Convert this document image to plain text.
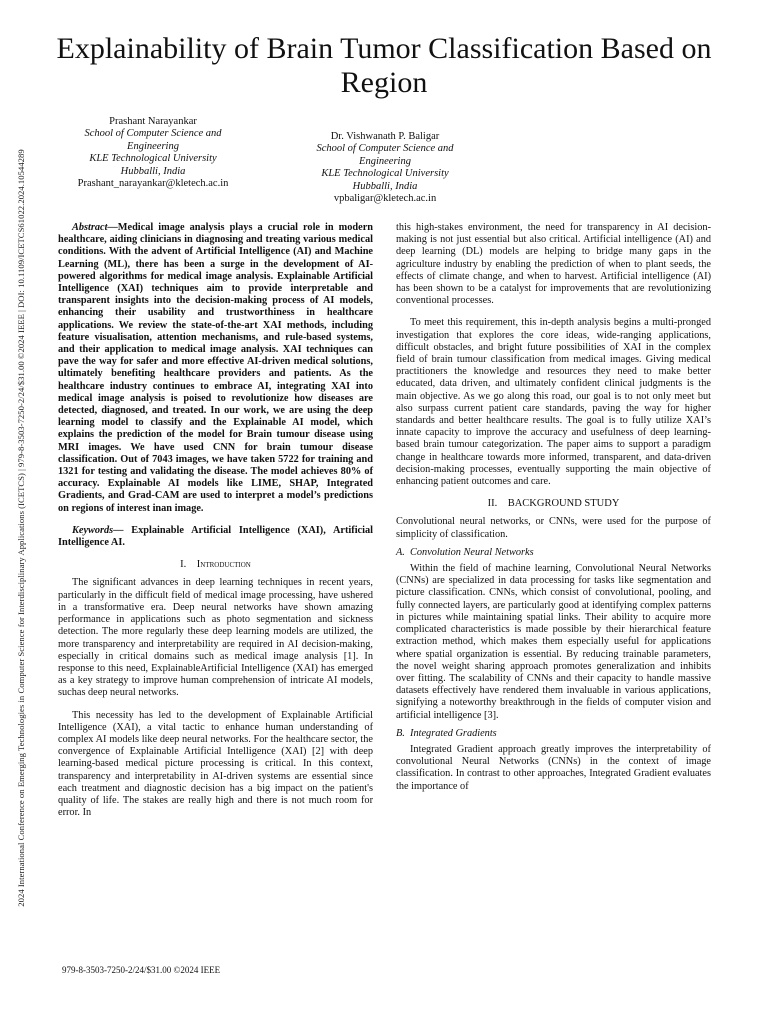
2024 International Conference on Emerging Technologies in Computer Science for Interdisciplinary Applications (ICETCS) | 979-8-3503-7250-2/24/$31.00 ©2024 IEEE | DOI: 10.1109/ICETCS61022.2024.10544289
Explainability of Brain Tumor Classification Based on Region
Prashant Narayankar
School of Computer Science and Engineering
KLE Technological University
Hubballi, India
Prashant_narayankar@kletech.ac.in
Dr. Vishwanath P. Baligar
School of Computer Science and Engineering
KLE Technological University
Hubballi, India
vpbaligar@kletech.ac.in

Abstract—Medical image analysis plays a crucial role in modern healthcare, aiding clinicians in diagnosing and treating various medical conditions. With the advent of Artificial Intelligence (AI) and Machine Learning (ML), there has been a surge in the development of AI-powered algorithms for medical image analysis. Explainable Artificial Intelligence (XAI) techniques aim to provide interpretable and transparent insights into the decision-making process of AI models, enhancing their usability and trustworthiness in healthcare applications. We review the state-of-the-art XAI methods, including feature visualisation, attention mechanisms, and rule-based systems, and their application to medical image analysis. XAI techniques can pave the way for safer and more effective AI-driven medical solutions, ultimately benefiting healthcare providers and patients. As the healthcare industry continues to embrace AI, integrating XAI into medical image analysis is poised to revolutionize how diseases are detected, diagnosed, and treated. In our work, we are using the deep learning model to classify and the Explainable AI model, which explains the prediction of the model for Brain tumour disease using MRI images. We have used CNN for brain tumour disease classification. Out of 7043 images, we have taken 5722 for training and 1321 for testing and validating the disease. The model achieves 80% of accuracy. Explainable AI models like LIME, SHAP, Integrated Gradients, and Grad-CAM are used to interpret a model’s predictions on regions of interest inan image.

Keywords— Explainable Artificial Intelligence (XAI), Artificial Intelligence AI.

I. Introduction

The significant advances in deep learning techniques in recent years, particularly in the difficult field of medical image processing, have ushered in a transformative era. Deep neural networks have shown amazing performance in applications such as photo segmentation and sickness detection. The more regularly these deep learning models are utilized, the more transparency and interpretability are required in AI decision-making, especially in critical domains such as medical image analysis [1]. In response to this need, ExplainableArtificial Intelligence (XAI) has emerged as a key strategy to improve human comprehension of intricate AI models, suchas deep neural networks.

This necessity has led to the development of Explainable Artificial Intelligence (XAI), a vital tactic to enhance human understanding of complex AI models like deep neural networks. For the healthcare sector, the convergence of Explainable Artificial Intelligence (XAI) [2] with deep learning-based medical picture processing is critical. In this context, transparency and interpretability in AI-driven systems are essential since each treatment and diagnostic decision has a big impact on the patient's quality of life. The stakes are really high and there is not much room for error. In

this high-stakes environment, the need for transparency in AI decision-making is not just essential but also critical. Artificial intelligence (AI) and deep learning (DL) models are helping to bridge many gaps in the agriculture industry by enabling the prediction of when to plant seeds, the effects of climate change, and when to harvest. Artificial intelligence (AI) has been shown to be a catalyst for improvements that are revolutionizing conventional processes.

To meet this requirement, this in-depth analysis begins a multi-pronged investigation that explores the core ideas, wide-ranging applications, difficult obstacles, and bright future possibilities of XAI in the complex field of brain tumour classification from medical images. Giving medical practitioners the knowledge and resources they need to make better educated, data driven, and ultimately confident clinical judgments is the main objective. As we go along this road, our goal is to not only meet but also surpass current patient care standards, paving the way for higher standards and better healthcare results. The goal is to fully utilize XAI’s innate capacity to improve the accuracy and usefulness of deep learning-based brain tumour categorization. The paper aims to support a paradigm change in healthcare towards more informed, transparent, and data-driven decision-making processes, eventually supporting the main objective of enhancing patient outcomes and care.

II. BACKGROUND STUDY

Convolutional neural networks, or CNNs, were used for the purpose of simplicity of classification.

A. Convolution Neural Networks

Within the field of machine learning, Convolutional Neural Networks (CNNs) are specialized in data processing for tasks like segmentation and picture classification. CNNs, which consist of convolutional, pooling, and fully connected layers, are particularly good at identifying complex patterns in pictures while maintaining spatial links. Their ability to acquire more complicated characteristics is made possible by their hierarchical feature extraction method, which makes them especially useful for applications where spatial organization is essential. By reducing trainable parameters, the novel weight sharing approach promotes generalization and inhibits over fitting. The scalability of CNNs and their capacity to handle massive datasets effectively have rendered them invaluable in various applications, signifying a noteworthy breakthrough in the fields of computer vision and artificial intelligence [3].

B. Integrated Gradients

Integrated Gradient approach greatly improves the interpretability of convolutional Neural Networks (CNNs) in the context of image classification. In contrast to other approaches, Integrated Gradient evaluates the importance of

979-8-3503-7250-2/24/$31.00 ©2024 IEEE
